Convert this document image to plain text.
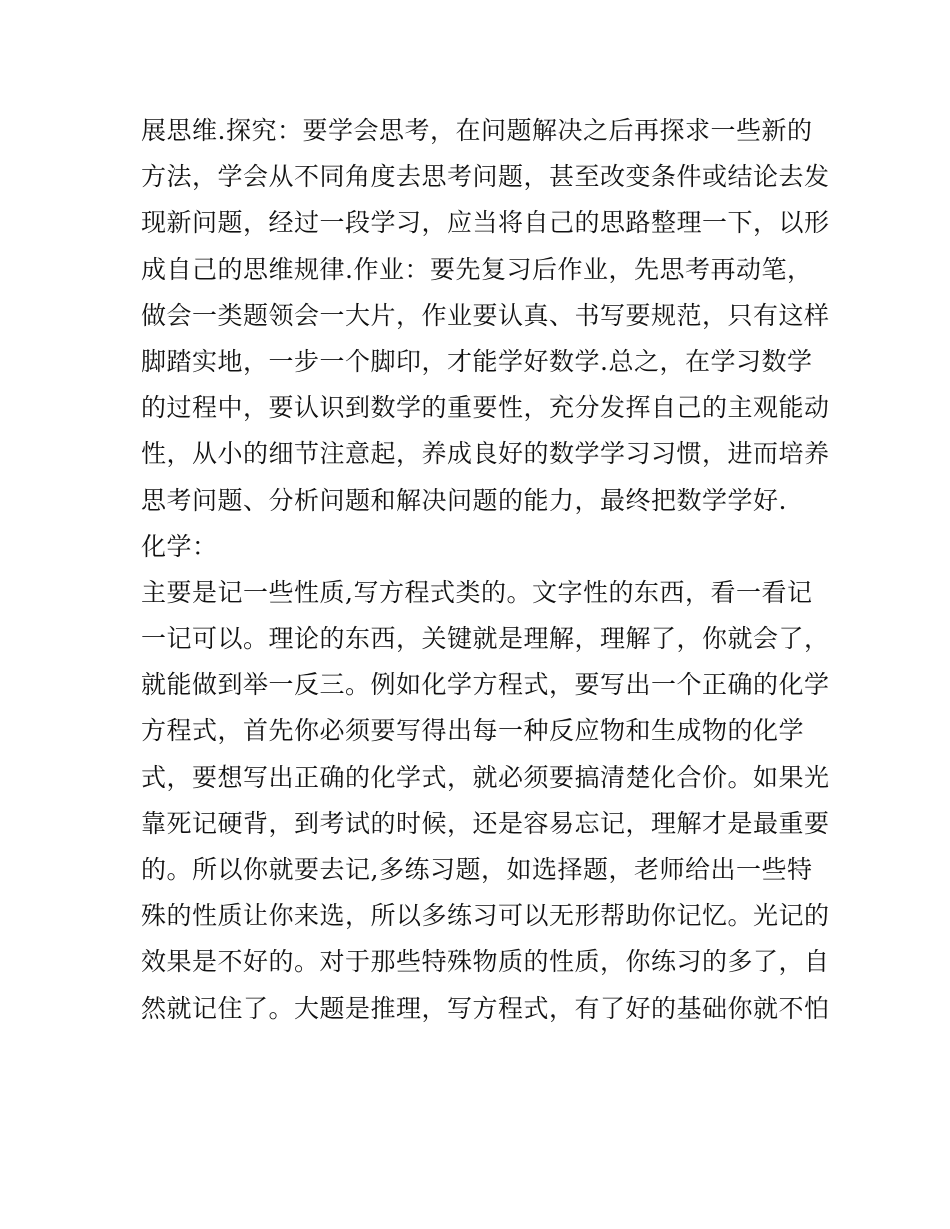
展思维.探究：要学会思考，在问题解决之后再探求一些新的
方法，学会从不同角度去思考问题，甚至改变条件或结论去发
现新问题，经过一段学习，应当将自己的思路整理一下，以形
成自己的思维规律.作业：要先复习后作业，先思考再动笔，
做会一类题领会一大片，作业要认真、书写要规范，只有这样
脚踏实地，一步一个脚印，才能学好数学.总之，在学习数学
的过程中，要认识到数学的重要性，充分发挥自己的主观能动
性，从小的细节注意起，养成良好的数学学习习惯，进而培养
思考问题、分析问题和解决问题的能力，最终把数学学好.
化学：
主要是记一些性质,写方程式类的。文字性的东西，看一看记
一记可以。理论的东西，关键就是理解，理解了，你就会了，
就能做到举一反三。例如化学方程式，要写出一个正确的化学
方程式，首先你必须要写得出每一种反应物和生成物的化学
式，要想写出正确的化学式，就必须要搞清楚化合价。如果光
靠死记硬背，到考试的时候，还是容易忘记，理解才是最重要
的。所以你就要去记,多练习题，如选择题，老师给出一些特
殊的性质让你来选，所以多练习可以无形帮助你记忆。光记的
效果是不好的。对于那些特殊物质的性质，你练习的多了，自
然就记住了。大题是推理，写方程式，有了好的基础你就不怕
